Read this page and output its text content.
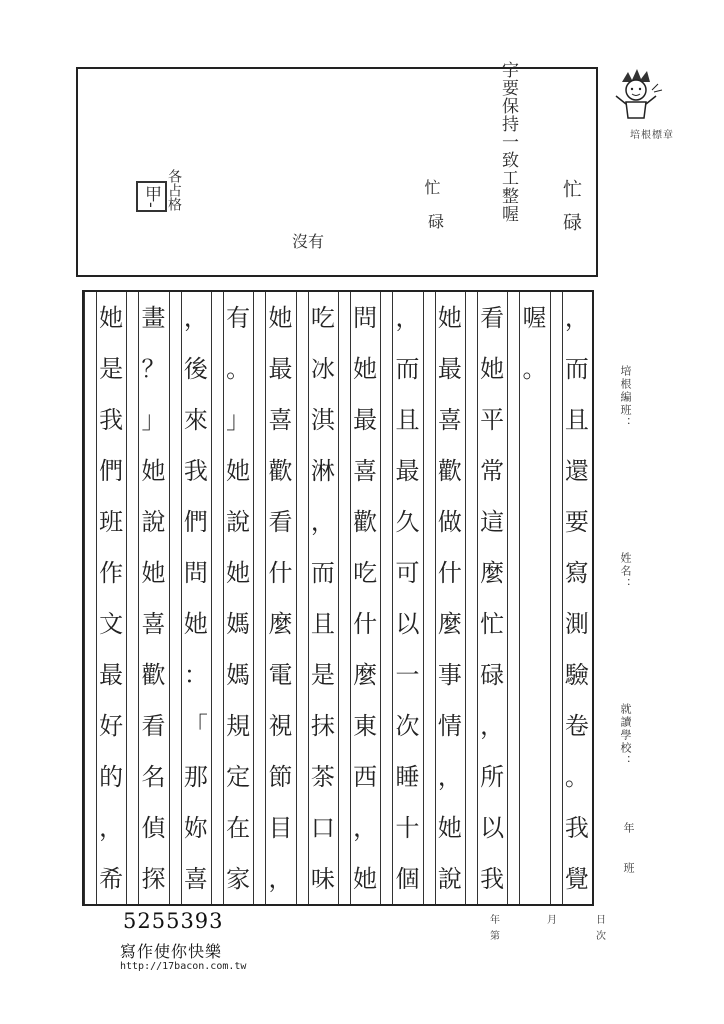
甲- 各占格
沒有
忙
碌	字要保持一致工整喔 忙碌
培根標章
，
而
且
還
要
寫
測
驗
卷
。
我
覺
喔
。
看
她
平
常
這
麼
忙
碌
，
所
以
我
她
最
喜
歡
做
什
麼
事
情
，
她
說
，
而
且
最
久
可
以
一
次
睡
十
個
問
她
最
喜
歡
吃
什
麼
東
西
，
她
吃
冰
淇
淋
，
而
且
是
抹
茶
口
味
她
最
喜
歡
看
什
麼
電
視
節
目
，
有
。
」
她
說
她
媽
媽
規
定
在
家
，
後
來
我
們
問
她
：
「
那
妳
喜
畫
？
」
她
說
她
喜
歡
看
名
偵
探
她
是
我
們
班
作
文
最
好
的
，
希
培根編班：
姓名：
就讀學校：
年
班
年	月	日
第	次
5255393
寫作使你快樂
http://17bacon.com.tw
